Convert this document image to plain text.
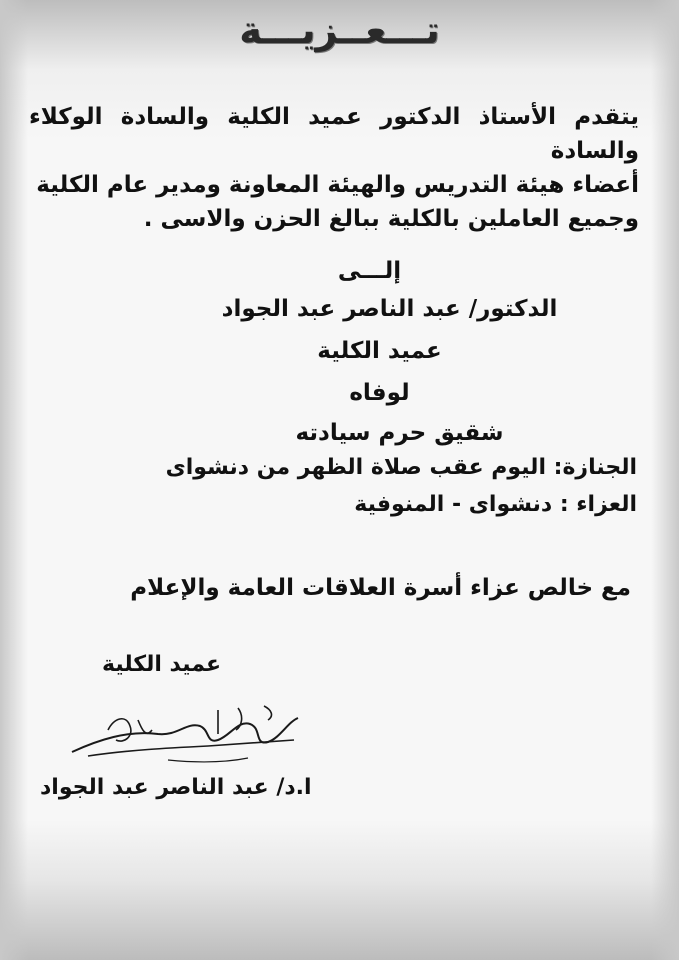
تـــعــزيـــة
يتقدم الأستاذ الدكتور عميد الكلية والسادة الوكلاء والسادة
أعضاء هيئة التدريس والهيئة المعاونة ومدير عام الكلية
وجميع العاملين بالكلية ببالغ الحزن والاسى .
إلـــى
الدكتور/ عبد الناصر عبد الجواد
عميد الكلية
لوفاه
شقيق حرم سيادته
الجنازة: اليوم عقب صلاة الظهر من دنشواى
العزاء : دنشواى - المنوفية
مع خالص عزاء أسرة العلاقات العامة والإعلام
عميد الكلية
ا.د/ عبد الناصر عبد الجواد
